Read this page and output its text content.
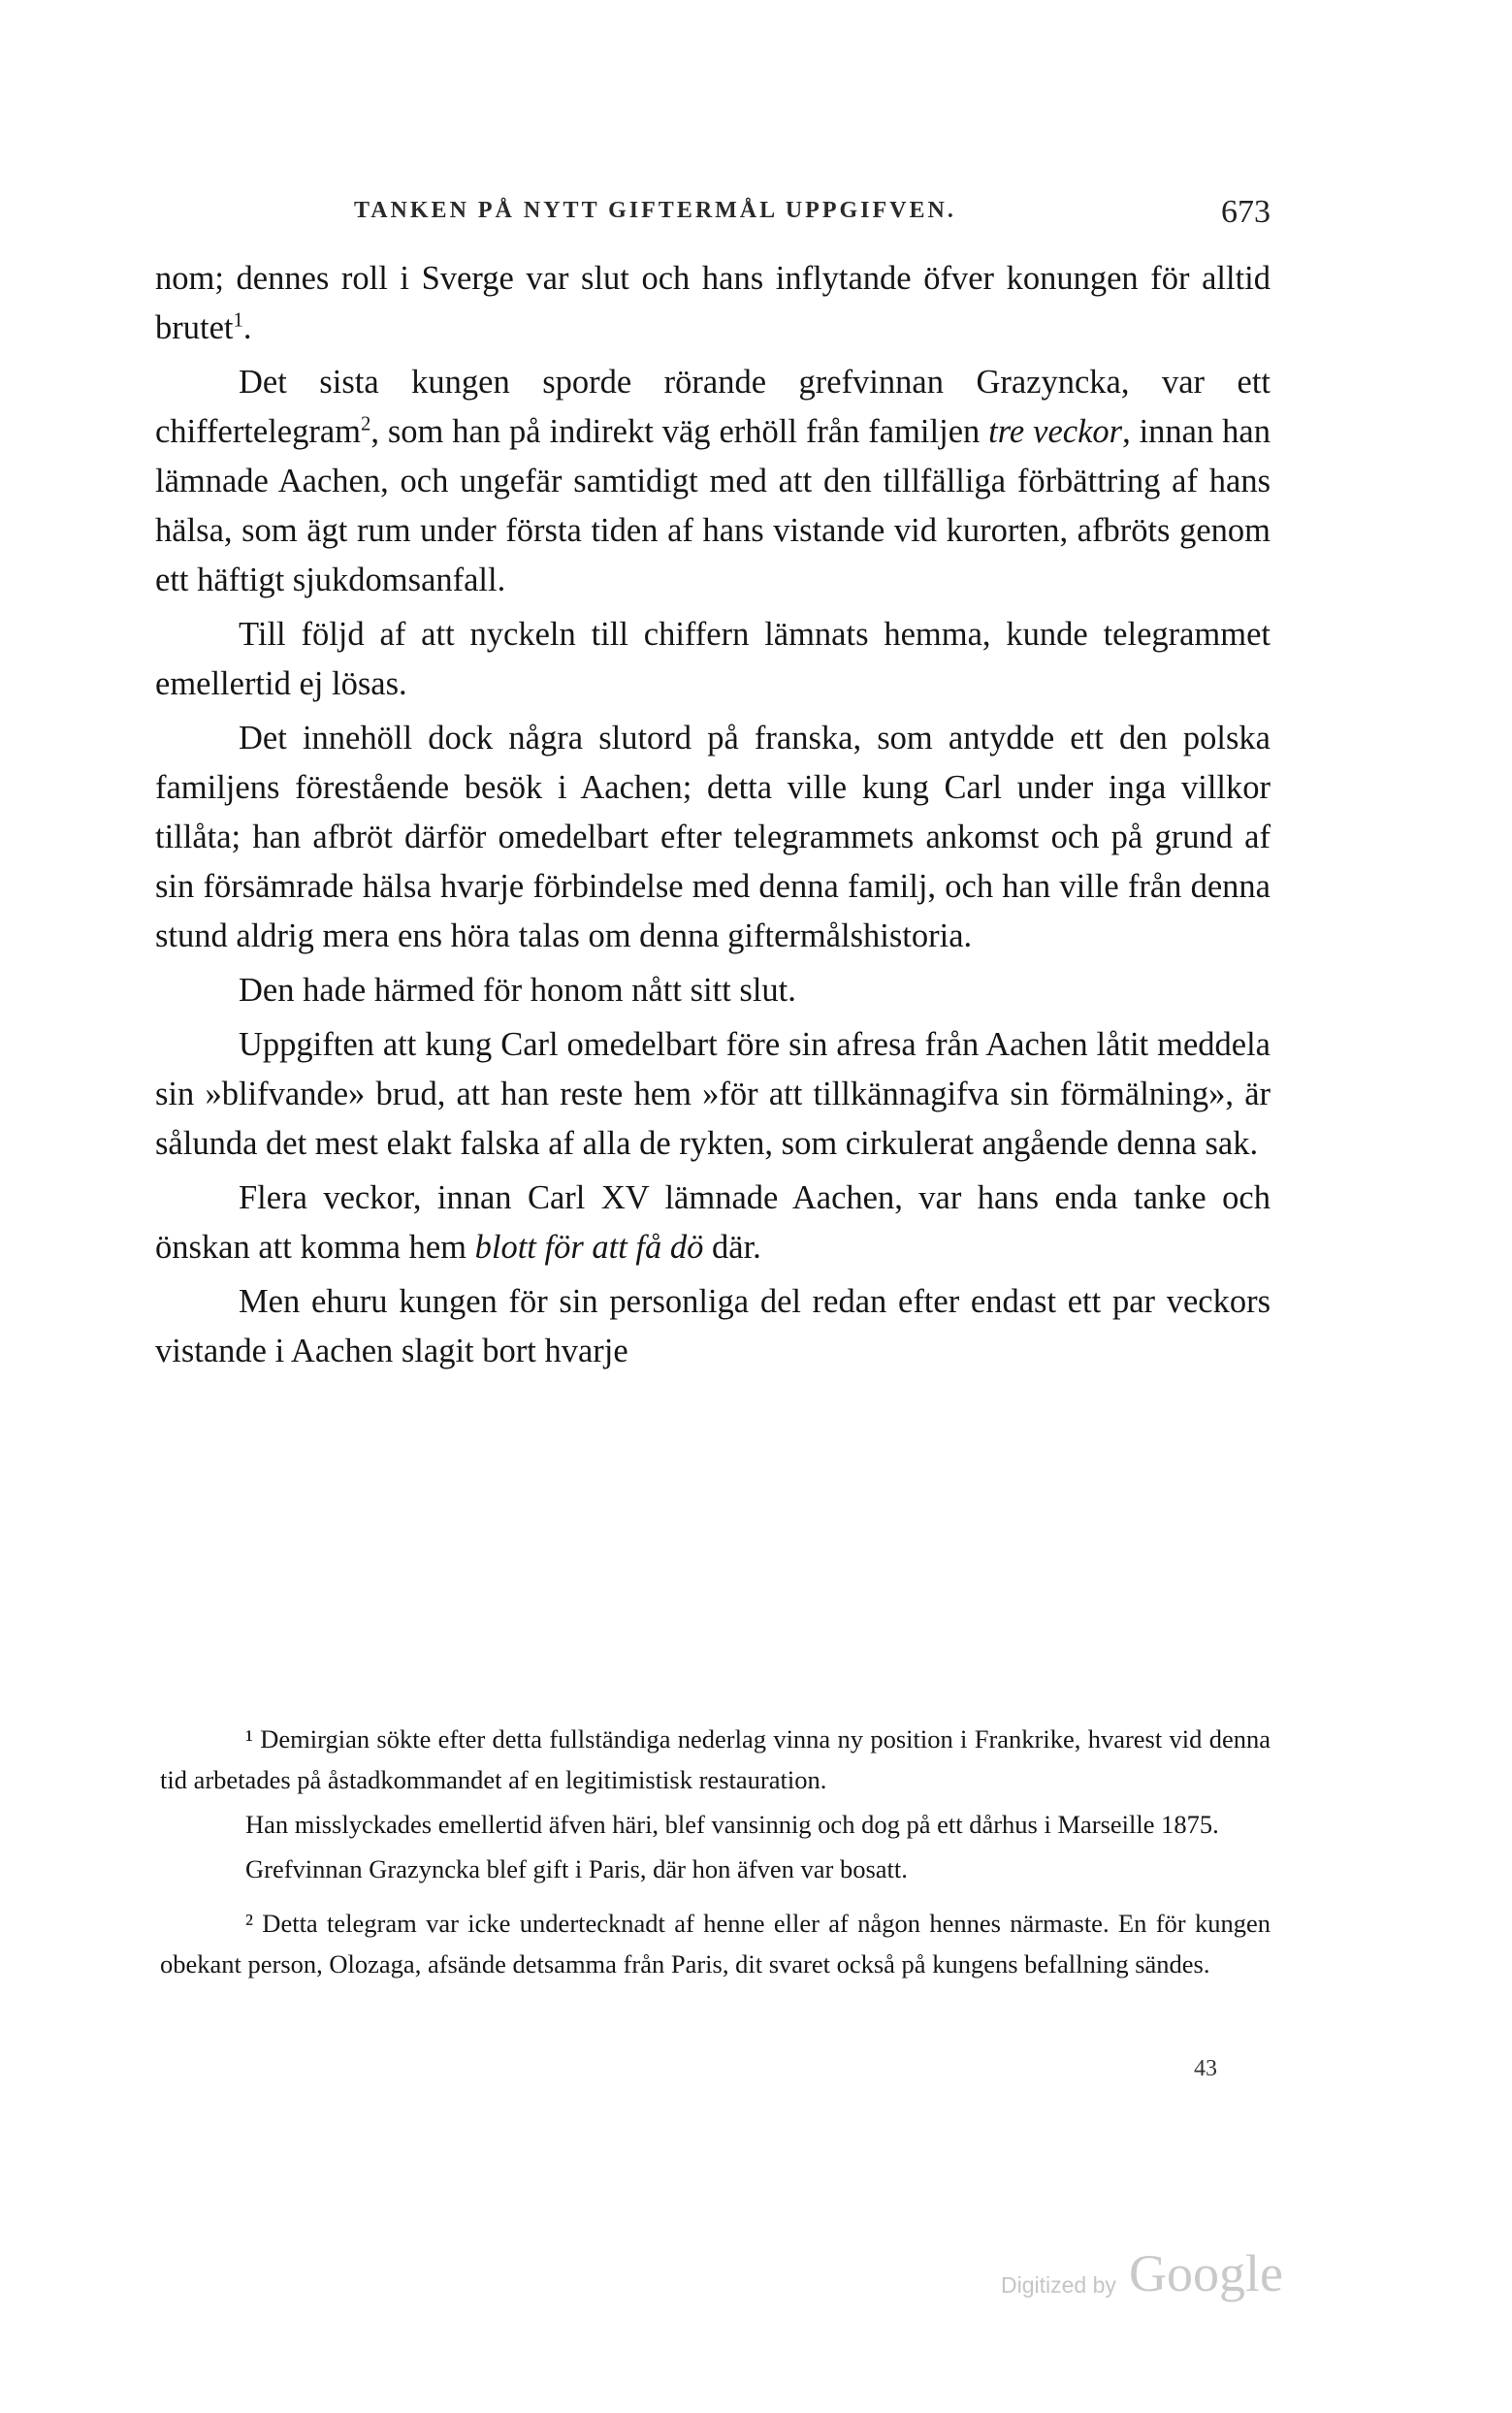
TANKEN PÅ NYTT GIFTERMÅL UPPGIFVEN.	673

nom; dennes roll i Sverge var slut och hans inflytande öfver konungen för alltid brutet$^1$.

Det sista kungen sporde rörande grefvinnan Grazyncka, var ett chiffertelegram$^2$, som han på indirekt väg erhöll från familjen tre veckor, innan han lämnade Aachen, och ungefär samtidigt med att den tillfälliga förbättring af hans hälsa, som ägt rum under första tiden af hans vistande vid kurorten, afbröts genom ett häftigt sjukdomsanfall.

Till följd af att nyckeln till chiffern lämnats hemma, kunde telegrammet emellertid ej lösas.

Det innehöll dock några slutord på franska, som antydde ett den polska familjens förestående besök i Aachen; detta ville kung Carl under inga villkor tillåta; han afbröt därför omedelbart efter telegrammets ankomst och på grund af sin försämrade hälsa hvarje förbindelse med denna familj, och han ville från denna stund aldrig mera ens höra talas om denna giftermålshistoria.

Den hade härmed för honom nått sitt slut.

Uppgiften att kung Carl omedelbart före sin afresa från Aachen låtit meddela sin »blifvande» brud, att han reste hem »för att tillkännagifva sin förmälning», är sålunda det mest elakt falska af alla de rykten, som cirkulerat angående denna sak.

Flera veckor, innan Carl XV lämnade Aachen, var hans enda tanke och önskan att komma hem blott för att få dö där.

Men ehuru kungen för sin personliga del redan efter endast ett par veckors vistande i Aachen slagit bort hvarje

¹ Demirgian sökte efter detta fullständiga nederlag vinna ny position i Frankrike, hvarest vid denna tid arbetades på åstadkommandet af en legitimistisk restauration.

Han misslyckades emellertid äfven häri, blef vansinnig och dog på ett dårhus i Marseille 1875.

Grefvinnan Grazyncka blef gift i Paris, där hon äfven var bosatt.

² Detta telegram var icke undertecknadt af henne eller af någon hennes närmaste. En för kungen obekant person, Olozaga, afsände detsamma från Paris, dit svaret också på kungens befallning sändes.

43
Digitized by Google
